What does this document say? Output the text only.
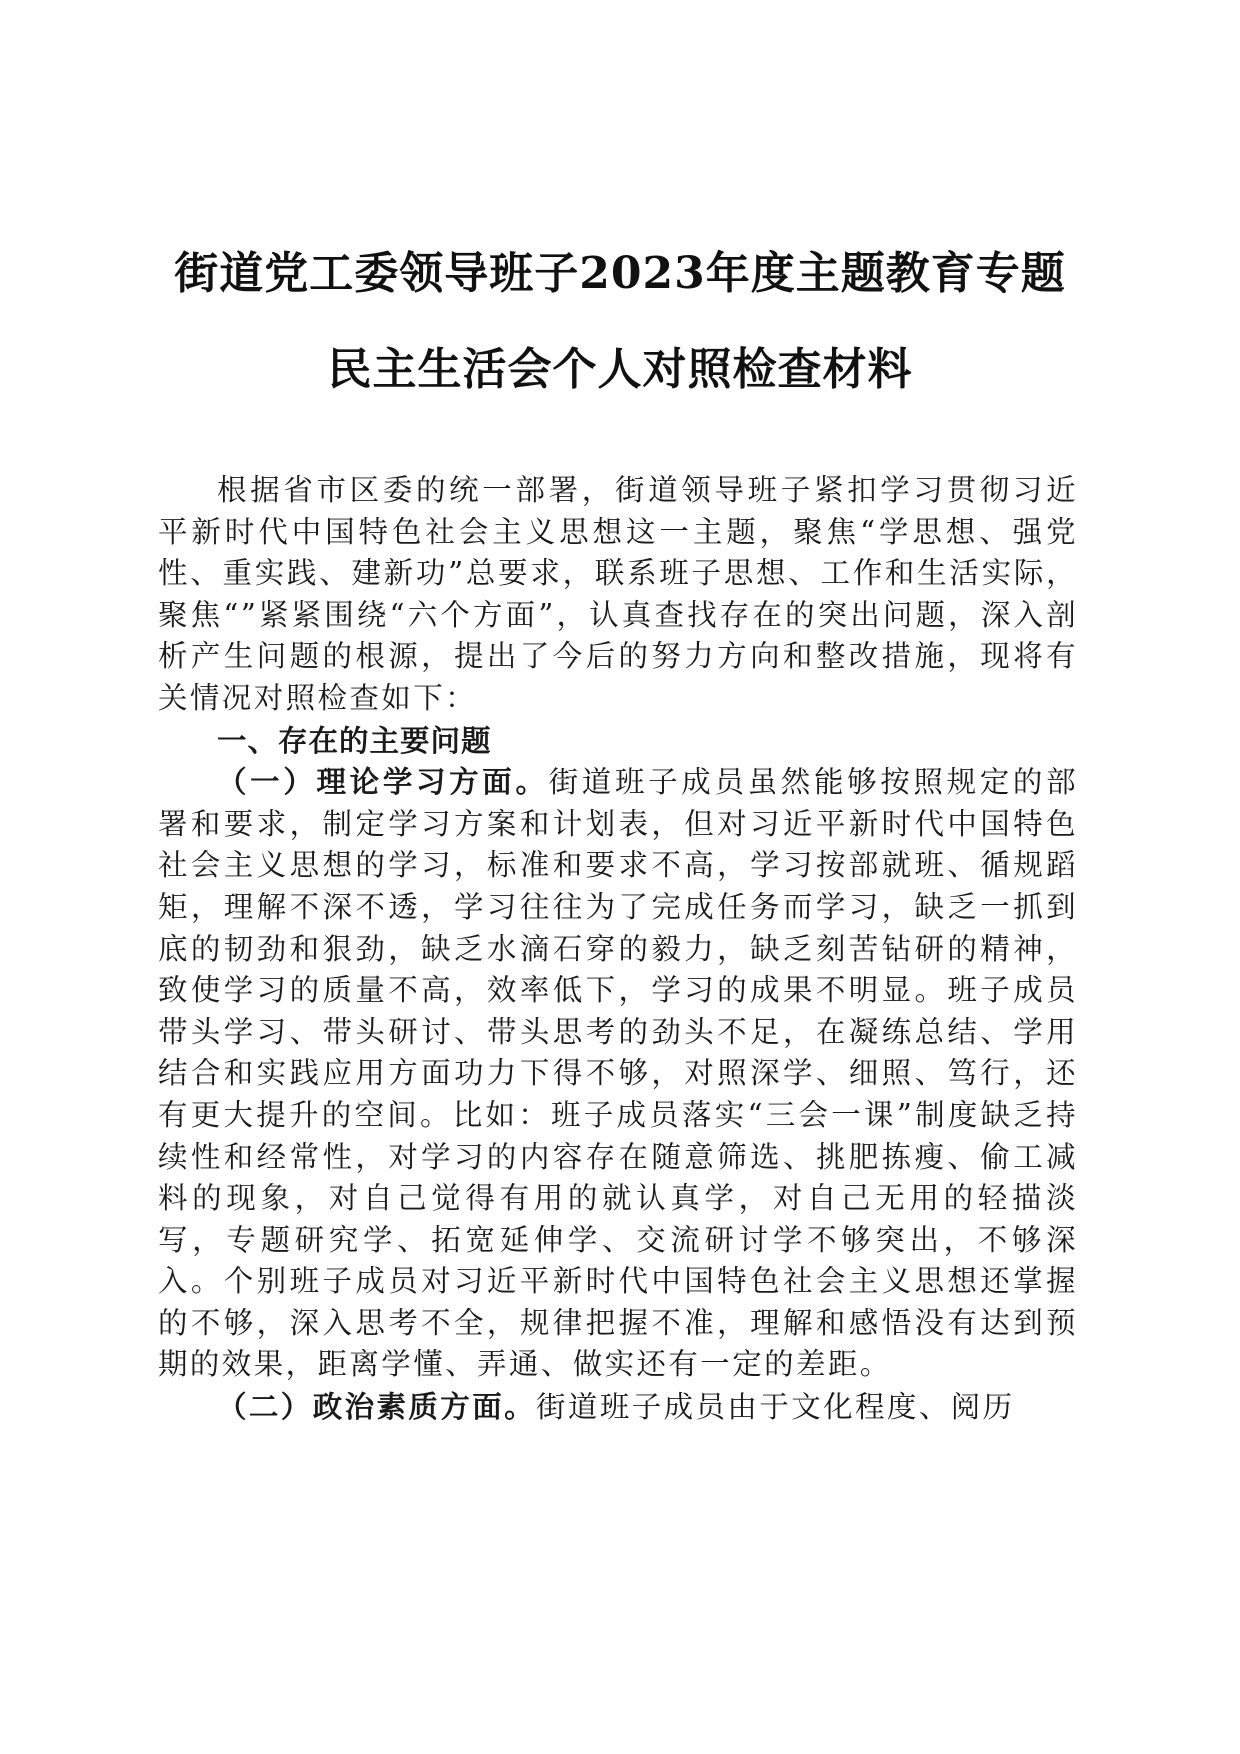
街道党工委领导班子2023年度主题教育专题
民主生活会个人对照检查材料

根据省市区委的统一部署，街道领导班子紧扣学习贯彻习近平新时代中国特色社会主义思想这一主题，聚焦“学思想、强党性、重实践、建新功”总要求，联系班子思想、工作和生活实际，聚焦“”紧紧围绕“六个方面”，认真查找存在的突出问题，深入剖析产生问题的根源，提出了今后的努力方向和整改措施，现将有关情况对照检查如下：

一、存在的主要问题

（一）理论学习方面。街道班子成员虽然能够按照规定的部署和要求，制定学习方案和计划表，但对习近平新时代中国特色社会主义思想的学习，标准和要求不高，学习按部就班、循规蹈矩，理解不深不透，学习往往为了完成任务而学习，缺乏一抓到底的韧劲和狠劲，缺乏水滴石穿的毅力，缺乏刻苦钻研的精神，致使学习的质量不高，效率低下，学习的成果不明显。班子成员带头学习、带头研讨、带头思考的劲头不足，在凝练总结、学用结合和实践应用方面功力下得不够，对照深学、细照、笃行，还有更大提升的空间。比如：班子成员落实“三会一课”制度缺乏持续性和经常性，对学习的内容存在随意筛选、挑肥拣瘦、偷工减料的现象，对自己觉得有用的就认真学，对自己无用的轻描淡写，专题研究学、拓宽延伸学、交流研讨学不够突出，不够深入。个别班子成员对习近平新时代中国特色社会主义思想还掌握的不够，深入思考不全，规律把握不准，理解和感悟没有达到预期的效果，距离学懂、弄通、做实还有一定的差距。

（二）政治素质方面。街道班子成员由于文化程度、阅历
